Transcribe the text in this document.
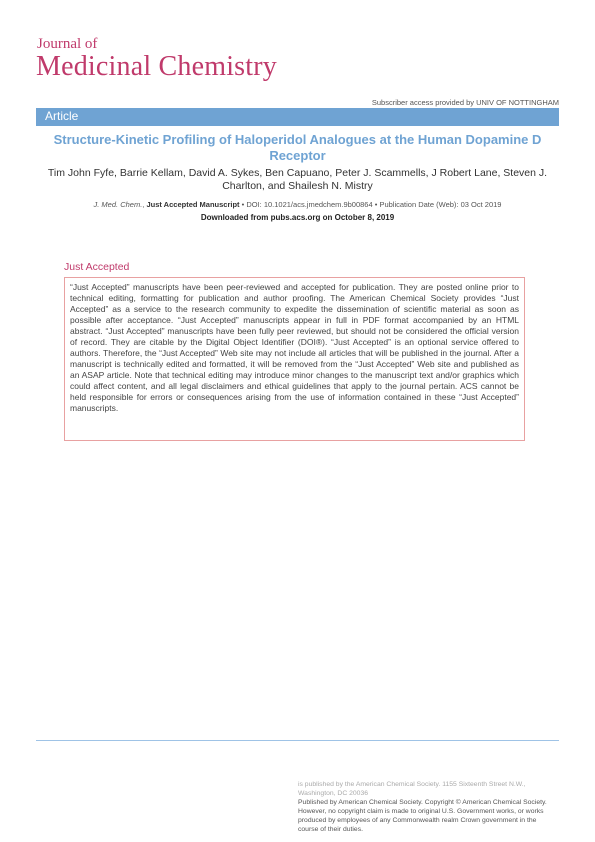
Journal of
Medicinal Chemistry
Subscriber access provided by UNIV OF NOTTINGHAM
Article
Structure-Kinetic Profiling of Haloperidol Analogues at the Human Dopamine D Receptor
Tim John Fyfe, Barrie Kellam, David A. Sykes, Ben Capuano, Peter J. Scammells, J Robert Lane, Steven J. Charlton, and Shailesh N. Mistry
J. Med. Chem., Just Accepted Manuscript • DOI: 10.1021/acs.jmedchem.9b00864 • Publication Date (Web): 03 Oct 2019
Downloaded from pubs.acs.org on October 8, 2019
Just Accepted
“Just Accepted” manuscripts have been peer-reviewed and accepted for publication. They are posted online prior to technical editing, formatting for publication and author proofing. The American Chemical Society provides “Just Accepted” as a service to the research community to expedite the dissemination of scientific material as soon as possible after acceptance. “Just Accepted” manuscripts appear in full in PDF format accompanied by an HTML abstract. “Just Accepted” manuscripts have been fully peer reviewed, but should not be considered the official version of record. They are citable by the Digital Object Identifier (DOI®). “Just Accepted” is an optional service offered to authors. Therefore, the “Just Accepted” Web site may not include all articles that will be published in the journal. After a manuscript is technically edited and formatted, it will be removed from the “Just Accepted” Web site and published as an ASAP article. Note that technical editing may introduce minor changes to the manuscript text and/or graphics which could affect content, and all legal disclaimers and ethical guidelines that apply to the journal pertain. ACS cannot be held responsible for errors or consequences arising from the use of information contained in these “Just Accepted” manuscripts.
is published by the American Chemical Society. 1155 Sixteenth Street N.W., Washington, DC 20036
Published by American Chemical Society. Copyright © American Chemical Society. However, no copyright claim is made to original U.S. Government works, or works produced by employees of any Commonwealth realm Crown government in the course of their duties.
